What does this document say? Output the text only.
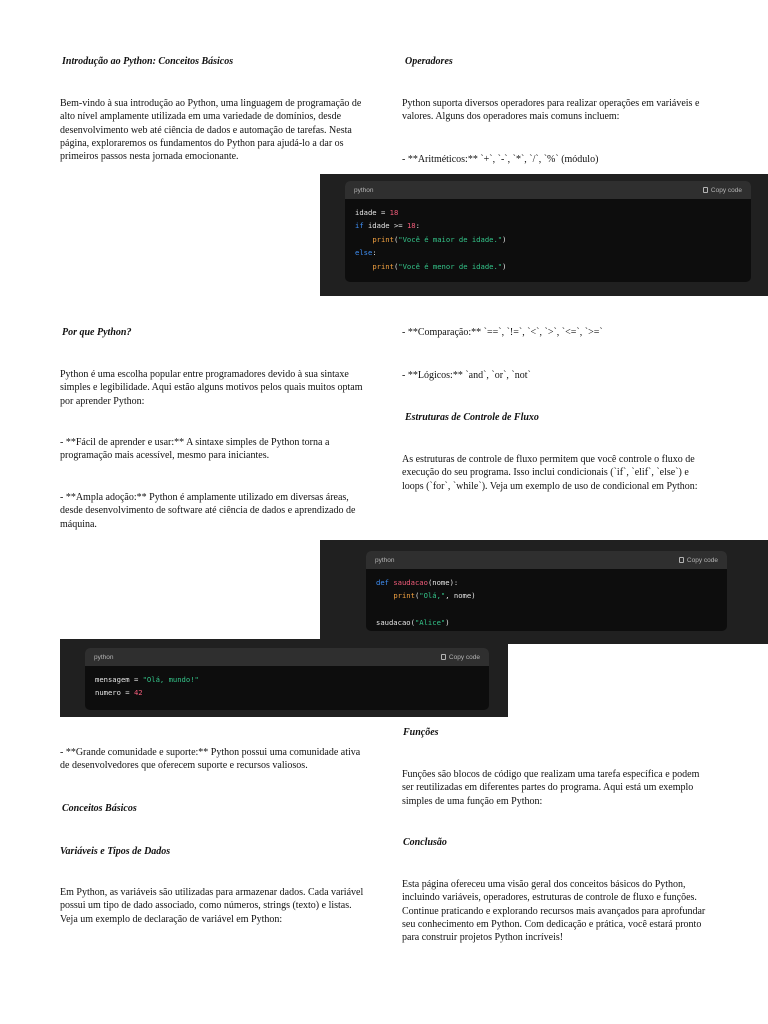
Introdução ao Python: Conceitos Básicos

Bem-vindo à sua introdução ao Python, uma linguagem de programação de alto nível amplamente utilizada em uma variedade de domínios, desde desenvolvimento web até ciência de dados e automação de tarefas. Nesta página, exploraremos os fundamentos do Python para ajudá-lo a dar os primeiros passos nesta jornada emocionante.

Por que Python?

Python é uma escolha popular entre programadores devido à sua sintaxe simples e legibilidade. Aqui estão alguns motivos pelos quais muitos optam por aprender Python:

- **Fácil de aprender e usar:** A sintaxe simples de Python torna a programação mais acessível, mesmo para iniciantes.

- **Ampla adoção:** Python é amplamente utilizado em diversas áreas, desde desenvolvimento de software até ciência de dados e aprendizado de máquina.

- **Grande comunidade e suporte:** Python possui uma comunidade ativa de desenvolvedores que oferecem suporte e recursos valiosos.

Conceitos Básicos

Variáveis e Tipos de Dados

Em Python, as variáveis são utilizadas para armazenar dados. Cada variável possui um tipo de dado associado, como números, strings (texto) e listas. Veja um exemplo de declaração de variável em Python:

Operadores

Python suporta diversos operadores para realizar operações em variáveis e valores. Alguns dos operadores mais comuns incluem:

- **Aritméticos:** `+`, `-`, `*`, `/`, `%` (módulo)

- **Comparação:** `==`, `!=`, `<`, `>`, `<=`, `>=`

- **Lógicos:** `and`, `or`, `not`

Estruturas de Controle de Fluxo

As estruturas de controle de fluxo permitem que você controle o fluxo de execução do seu programa. Isso inclui condicionais (`if`, `elif`, `else`) e loops (`for`, `while`). Veja um exemplo de uso de condicional em Python:

Funções

Funções são blocos de código que realizam uma tarefa específica e podem ser reutilizadas em diferentes partes do programa. Aqui está um exemplo simples de uma função em Python:

Conclusão

Esta página ofereceu uma visão geral dos conceitos básicos do Python, incluindo variáveis, operadores, estruturas de controle de fluxo e funções. Continue praticando e explorando recursos mais avançados para aprofundar seu conhecimento em Python. Com dedicação e prática, você estará pronto para construir projetos Python incríveis!

python	Copy code
idade = 18
if idade >= 18:
print("Você é maior de idade.")
else:
print("Você é menor de idade.")
python	Copy code
def saudacao(nome):
print("Olá,", nome)

saudacao("Alice")
python	Copy code
mensagem = "Olá, mundo!"
numero = 42
